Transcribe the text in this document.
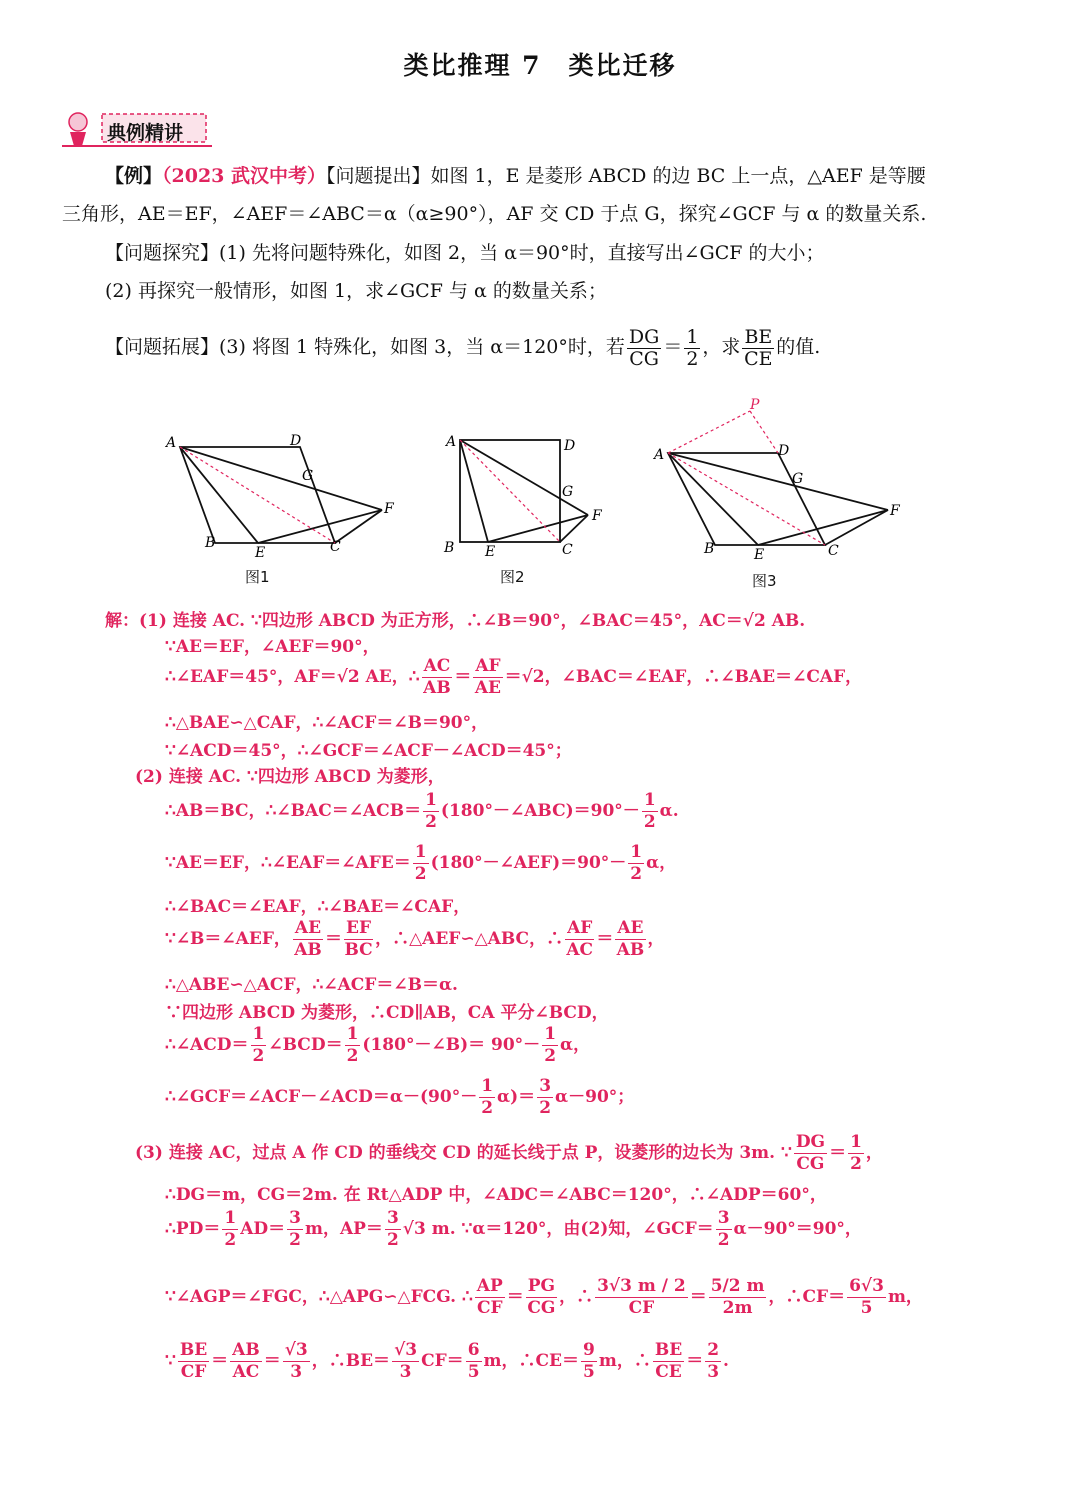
类比推理 7　类比迁移
典例精讲
【例】（2023 武汉中考）【问题提出】如图 1，E 是菱形 ABCD 的边 BC 上一点，△AEF 是等腰
三角形，AE＝EF，∠AEF＝∠ABC＝α（α≥90°），AF 交 CD 于点 G，探究∠GCF 与 α 的数量关系.
【问题探究】(1) 先将问题特殊化，如图 2，当 α＝90°时，直接写出∠GCF 的大小；
(2) 再探究一般情形，如图 1，求∠GCF 与 α 的数量关系；
【问题拓展】(3) 将图 1 特殊化，如图 3，当 α＝120°时，若 $\frac{DG}{CG} = \frac{1}{2}$ ，求 $\frac{BE}{CE}$ 的值.
A	D
G
F
C
E
B
图1
A	D
G
F
C
E
B
图2
P
A	D
G
F
C
E
B
图3
解：(1) 连接 AC. ∵四边形 ABCD 为正方形，∴∠B＝90°，∠BAC＝45°，AC＝√2 AB.
∵AE＝EF，∠AEF＝90°，
∴∠EAF＝45°，AF＝√2 AE，∴ $\frac{AC}{AB} = \frac{AF}{AE} =√2$，∠BAC＝∠EAF，∴∠BAE＝∠CAF，
∴△BAE∽△CAF，∴∠ACF＝∠B＝90°，
∵∠ACD＝45°，∴∠GCF＝∠ACF－∠ACD＝45°；
(2) 连接 AC. ∵四边形 ABCD 为菱形，
∴AB＝BC，∴∠BAC＝∠ACB＝ $\frac{1}{2}$ (180°－∠ABC)＝90°－ $\frac{1}{2} \alpha$.
∵AE＝EF，∴∠EAF＝∠AFE＝ $\frac{1}{2}$ (180°－∠AEF)＝90°－ $\frac{1}{2}$ α，
∴∠BAC＝∠EAF，∴∠BAE＝∠CAF，
∵∠B＝∠AEF， $\frac{AE}{AB} = \frac{EF}{BC}$ ，∴△AEF∽△ABC，∴ $\frac{AF}{AC} = \frac{AE}{AB}$ ，
∴△ABE∽△ACF，∴∠ACF＝∠B＝α.
∵四边形 ABCD 为菱形，∴CD∥AB，CA 平分∠BCD，
∴∠ACD＝ $\frac{1}{2}$ ∠BCD＝ $\frac{1}{2}$ (180°－∠B)＝ $90^\circ- \frac{1}{2}$ α，
∴∠GCF＝∠ACF－∠ACD＝α－(90°－ $\frac{1}{2} \alpha)= \frac{3}{2} \alpha-90^\circ$；
(3) 连接 AC，过点 A 作 CD 的垂线交 CD 的延长线于点 P，设菱形的边长为 3m. ∵ $\frac{DG}{CG} = \frac{1}{2}$ ，
∴DG＝m，CG＝2m. 在 Rt△ADP 中，∠ADC＝∠ABC＝120°，∴∠ADP＝60°，
∴PD＝ $\frac{1}{2} AD= \frac{3}{2}$ m，$AP= \frac{3}{2} √3$ m. ∵α＝120°，由(2)知，∠GCF＝ $\frac{3}{2} \alpha-90^\circ=90^\circ$，
∵∠AGP＝∠FGC，∴△APG∽△FCG. ∴ $\frac{AP}{CF} = \frac{PG}{CG}$ ，∴ $\frac{3√3 m / 2}{CF} = \frac{5/2 m}{2m}$ ，∴CF＝ $\frac{6√3}{5}$ m，
∵ $\frac{BE}{CF} = \frac{AB}{AC} = \frac{√3}{3}$ ，∴BE＝ $\frac{√3}{3} CF= \frac{6}{5}$ m，∴CE＝ $\frac{9}{5}$ m，∴ $\frac{BE}{CE} = \frac{2}{3}$ .
